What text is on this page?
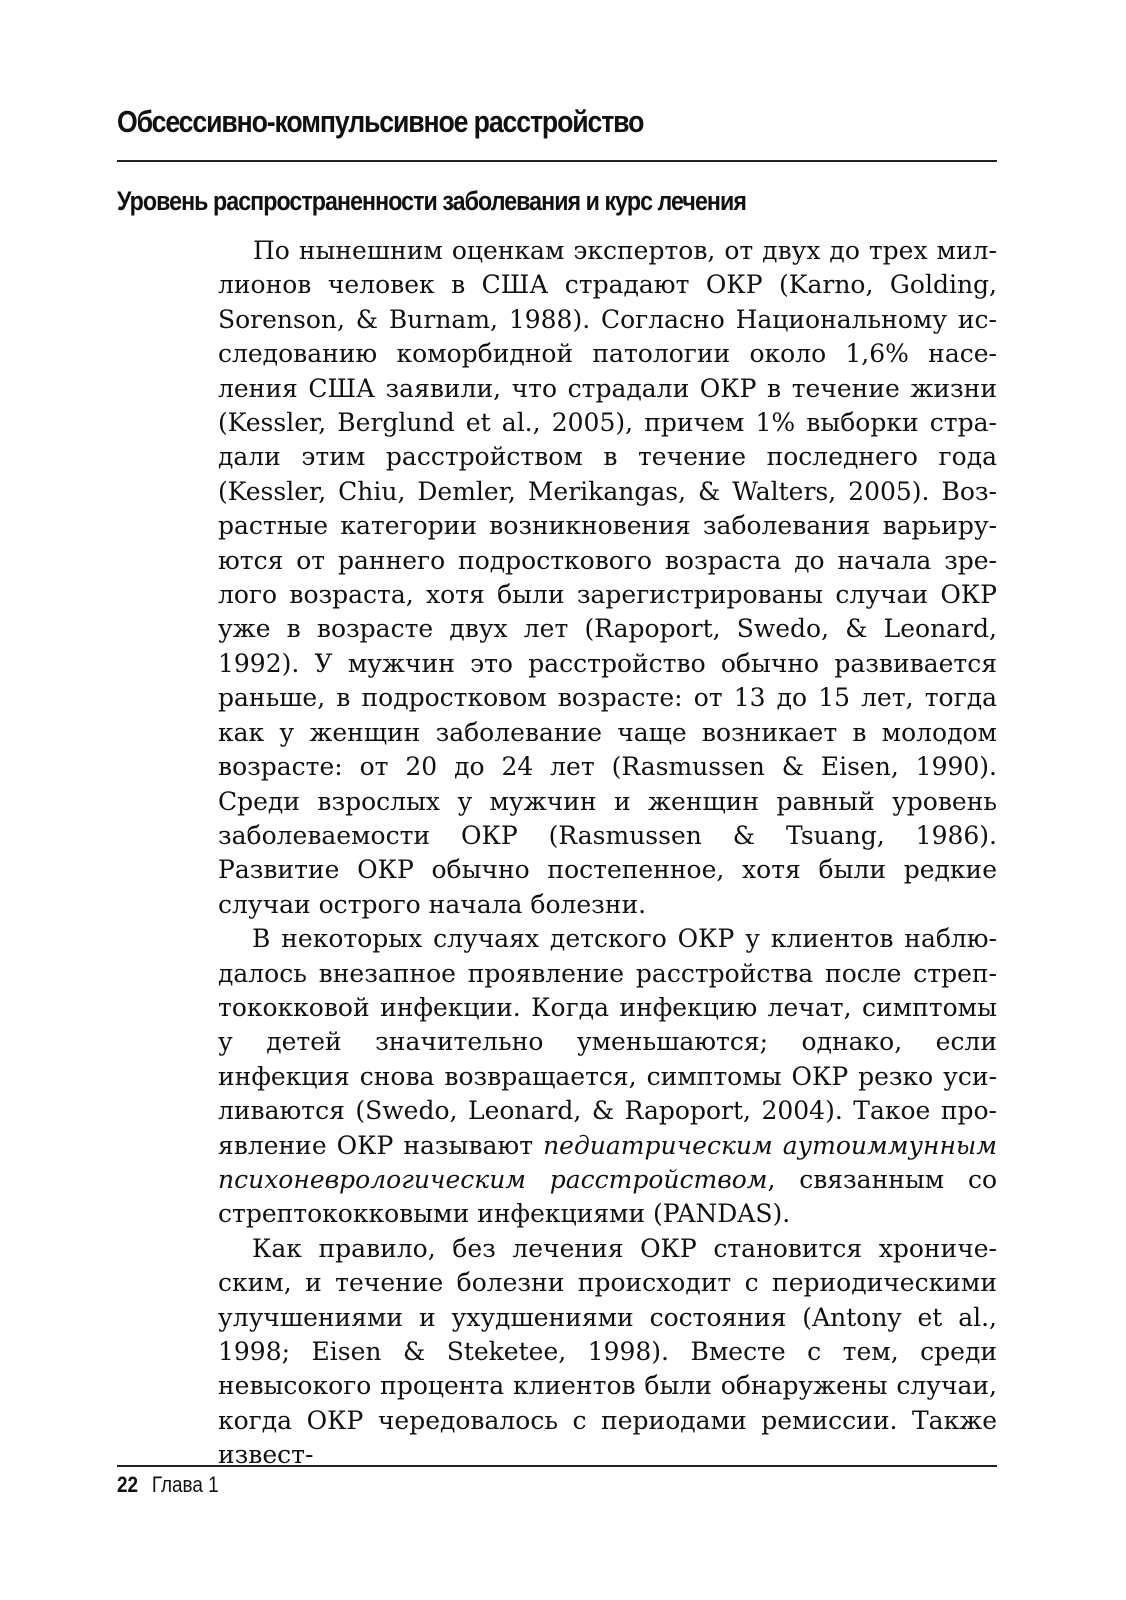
Обсессивно-компульсивное расстройство
Уровень распространенности заболевания и курс лечения

По нынешним оценкам экспертов, от двух до трех миллионов человек в США страдают ОКР (Karno, Golding, Sorenson, & Burnam, 1988). Согласно Национальному исследованию коморбидной патологии около 1,6% населения США заявили, что страдали ОКР в течение жизни (Kessler, Berglund et al., 2005), причем 1% выборки страдали этим расстройством в течение последнего года (Kessler, Chiu, Demler, Merikangas, & Walters, 2005). Возрастные категории возникновения заболевания варьируются от раннего подросткового возраста до начала зрелого возраста, хотя были зарегистрированы случаи ОКР уже в возрасте двух лет (Rapoport, Swedo, & Leonard, 1992). У мужчин это расстройство обычно развивается раньше, в подростковом возрасте: от 13 до 15 лет, тогда как у женщин заболевание чаще возникает в молодом возрасте: от 20 до 24 лет (Rasmussen & Eisen, 1990). Среди взрослых у мужчин и женщин равный уровень заболеваемости ОКР (Rasmussen & Tsuang, 1986). Развитие ОКР обычно постепенное, хотя были редкие случаи острого начала болезни.

В некоторых случаях детского ОКР у клиентов наблюдалось внезапное проявление расстройства после стрептококковой инфекции. Когда инфекцию лечат, симптомы у детей значительно уменьшаются; однако, если инфекция снова возвращается, симптомы ОКР резко усиливаются (Swedo, Leonard, & Rapoport, 2004). Такое проявление ОКР называют педиатрическим аутоиммунным психоневрологическим расстройством, связанным со стрептококковыми инфекциями (PANDAS).

Как правило, без лечения ОКР становится хроническим, и течение болезни происходит с периодическими улучшениями и ухудшениями состояния (Antony et al., 1998; Eisen & Steketee, 1998). Вместе с тем, среди невысокого процента клиентов были обнаружены случаи, когда ОКР чередовалось с периодами ремиссии. Также извест-

22 Глава 1
